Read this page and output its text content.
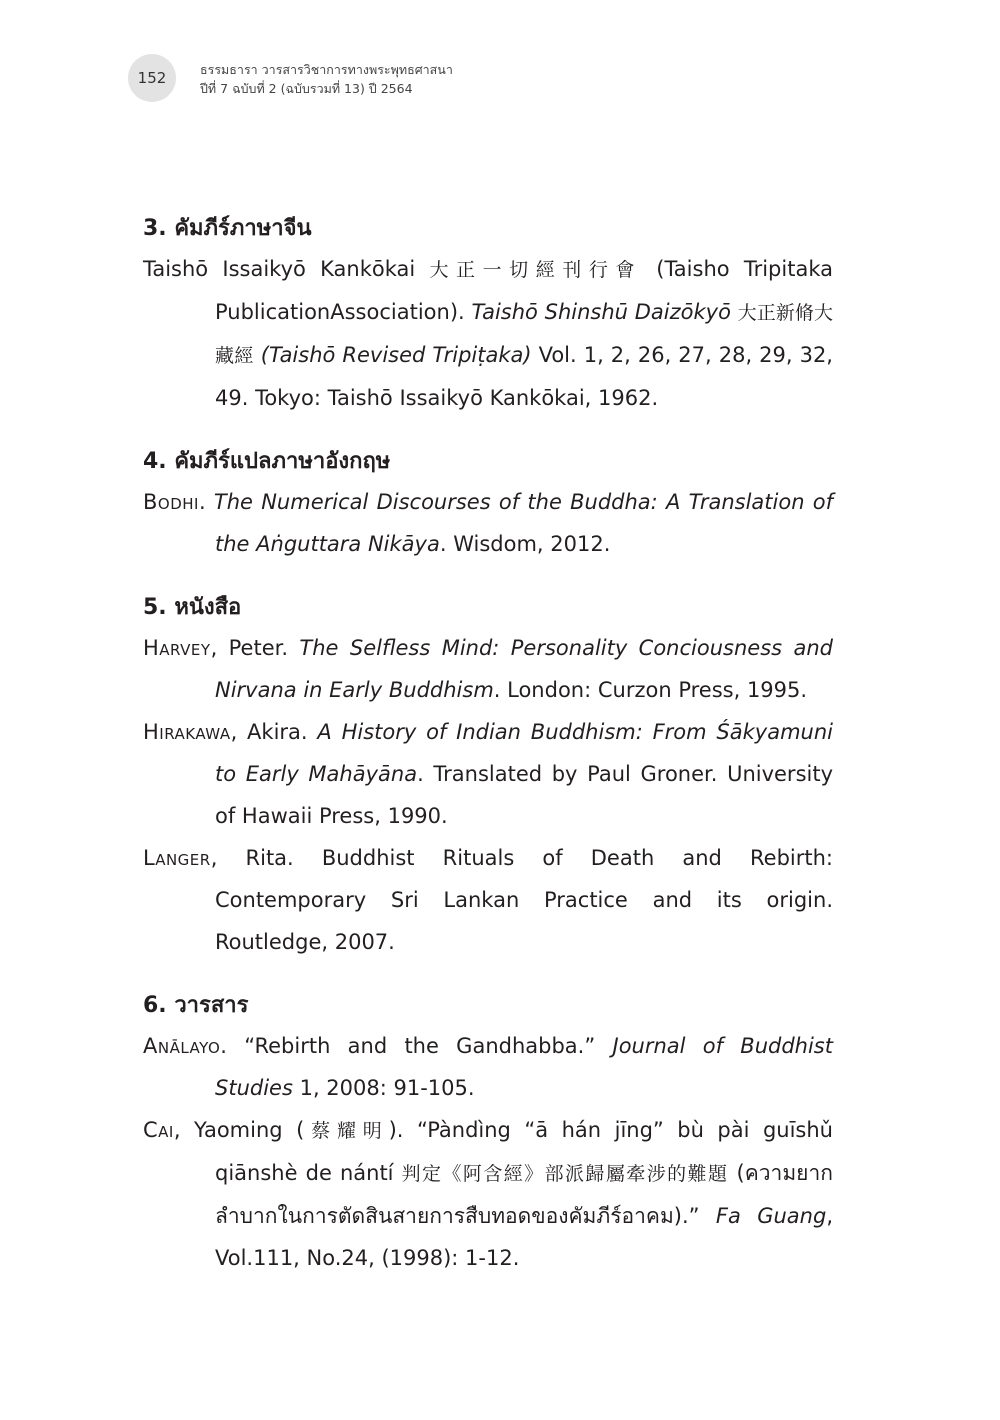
152	ธรรมธารา วารสารวิชาการทางพระพุทธศาสนา
ปีที่ 7 ฉบับที่ 2 (ฉบับรวมที่ 13) ปี 2564
3. คัมภีร์ภาษาจีน
Taishō Issaikyō Kankōkai 大正一切經刊行會 (Taisho Tripitaka PublicationAssociation). Taishō Shinshū Daizōkyō 大正新脩大藏經 (Taishō Revised Tripiṭaka) Vol. 1, 2, 26, 27, 28, 29, 32, 49. Tokyo: Taishō Issaikyō Kankōkai, 1962.
4. คัมภีร์แปลภาษาอังกฤษ
Bodhi. The Numerical Discourses of the Buddha: A Translation of the Aṅguttara Nikāya. Wisdom, 2012.
5. หนังสือ
Harvey, Peter. The Selfless Mind: Personality Conciousness and Nirvana in Early Buddhism. London: Curzon Press, 1995.
Hirakawa, Akira. A History of Indian Buddhism: From Śākyamuni to Early Mahāyāna. Translated by Paul Groner. University of Hawaii Press, 1990.
Langer, Rita. Buddhist Rituals of Death and Rebirth: Contemporary Sri Lankan Practice and its origin. Routledge, 2007.
6. วารสาร
Anālayo. “Rebirth and the Gandhabba.” Journal of Buddhist Studies 1, 2008: 91-105.
Cai, Yaoming (蔡耀明). “Pàndìng “ā hán jīng” bù pài guīshǔ qiānshè de nántí 判定《阿含經》部派歸屬牽涉的難題 (ความยากลำบากในการตัดสินสายการสืบทอดของคัมภีร์อาคม).” Fa Guang, Vol.111, No.24, (1998): 1-12.
